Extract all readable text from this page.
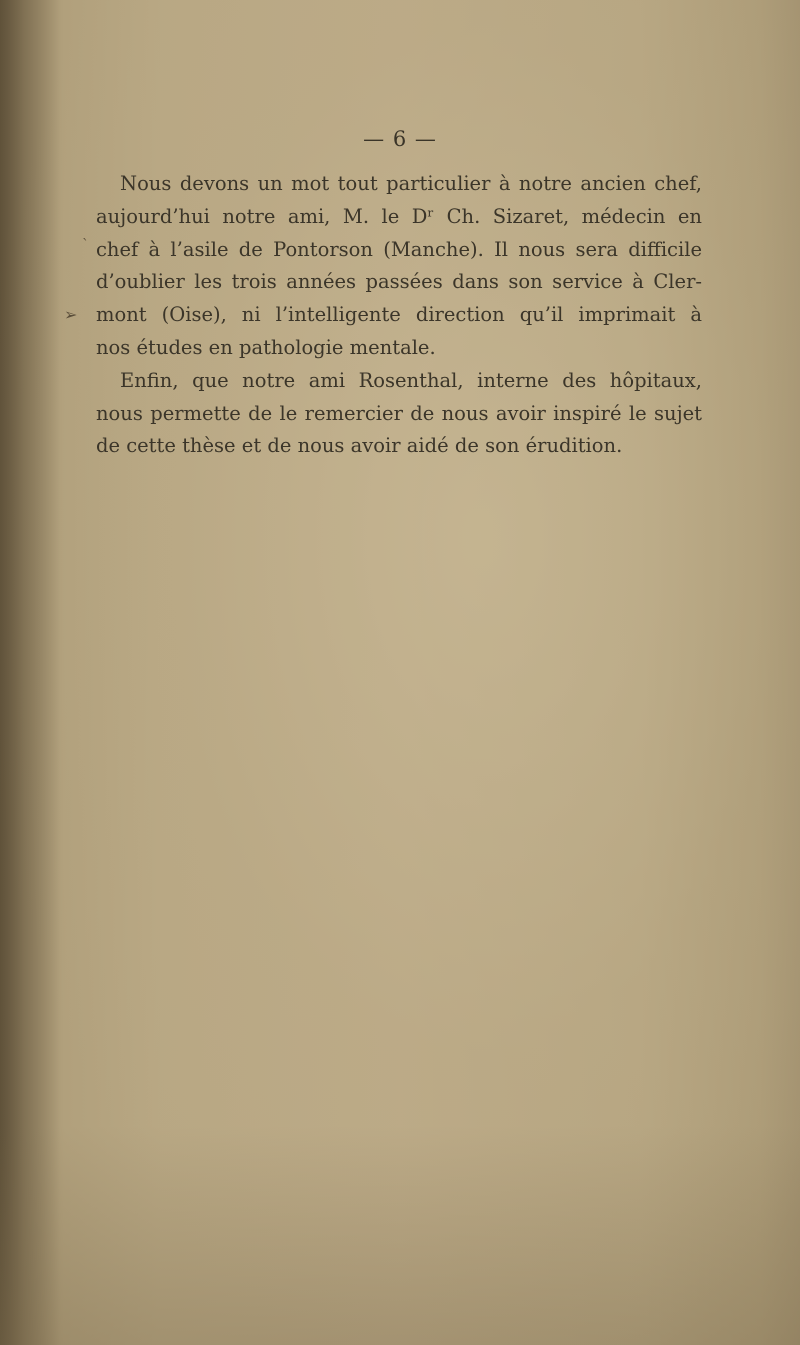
— 6 —
ˋ
➢
Nous devons un mot tout particulier à notre ancien chef,
aujourd’hui notre ami, M. le Dʳ Ch. Sizaret, médecin en
chef à l’asile de Pontorson (Manche). Il nous sera difficile
d’oublier les trois années passées dans son service à Cler-
mont (Oise), ni l’intelligente direction qu’il imprimait à
nos études en pathologie mentale.
Enfin, que notre ami Rosenthal, interne des hôpitaux,
nous permette de le remercier de nous avoir inspiré le sujet
de cette thèse et de nous avoir aidé de son érudition.
